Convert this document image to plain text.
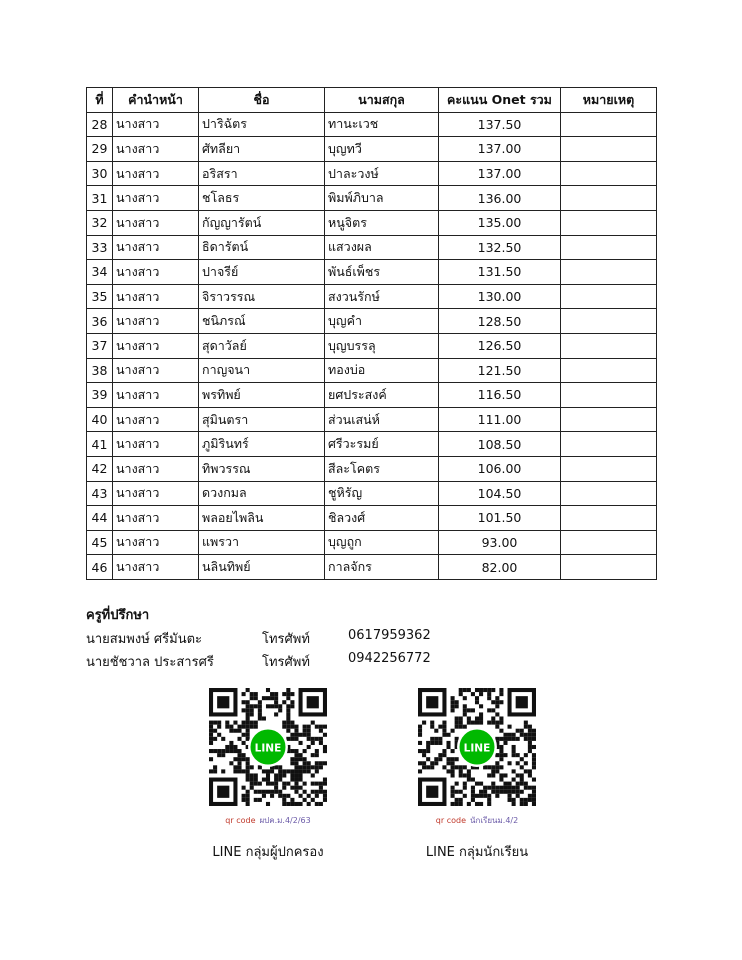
ที่	คำนำหน้า	ชื่อ	นามสกุล	คะแนน Onet รวม	หมายเหตุ
28	นางสาว	ปาริฉัตร	ทานะเวช	137.50	
29	นางสาว	ศัทลียา	บุญทวี	137.00	
30	นางสาว	อริสรา	ปาละวงษ์	137.00	
31	นางสาว	ชโลธร	พิมพ์ภิบาล	136.00	
32	นางสาว	กัญญารัตน์	หนูจิตร	135.00	
33	นางสาว	ธิดารัตน์	แสวงผล	132.50	
34	นางสาว	ปาจรีย์	พันธ์เพ็ชร	131.50	
35	นางสาว	จิราวรรณ	สงวนรักษ์	130.00	
36	นางสาว	ชนิภรณ์	บุญคำ	128.50	
37	นางสาว	สุดาวัลย์	บุญบรรลุ	126.50	
38	นางสาว	กาญจนา	ทองบ่อ	121.50	
39	นางสาว	พรทิพย์	ยศประสงค์	116.50	
40	นางสาว	สุมินตรา	ส่วนเสน่ห์	111.00	
41	นางสาว	ภูมิรินทร์	ศรีวะรมย์	108.50	
42	นางสาว	ทิพวรรณ	สีละโคตร	106.00	
43	นางสาว	ดวงกมล	ชูหิรัญ	104.50	
44	นางสาว	พลอยไพลิน	ชิลวงศ์	101.50	
45	นางสาว	แพรวา	บุญถูก	93.00	
46	นางสาว	นลินทิพย์	กาลจักร	82.00	
ครูที่ปรึกษา
นายสมพงษ์ ศรีมันตะ	โทรศัพท์	0617959362
นายชัชวาล ประสารศรี	โทรศัพท์	0942256772
LINE
qr code ผปค.ม.4/2/63
LINE กลุ่มผู้ปกครอง
LINE
qr code นักเรียนม.4/2
LINE กลุ่มนักเรียน
